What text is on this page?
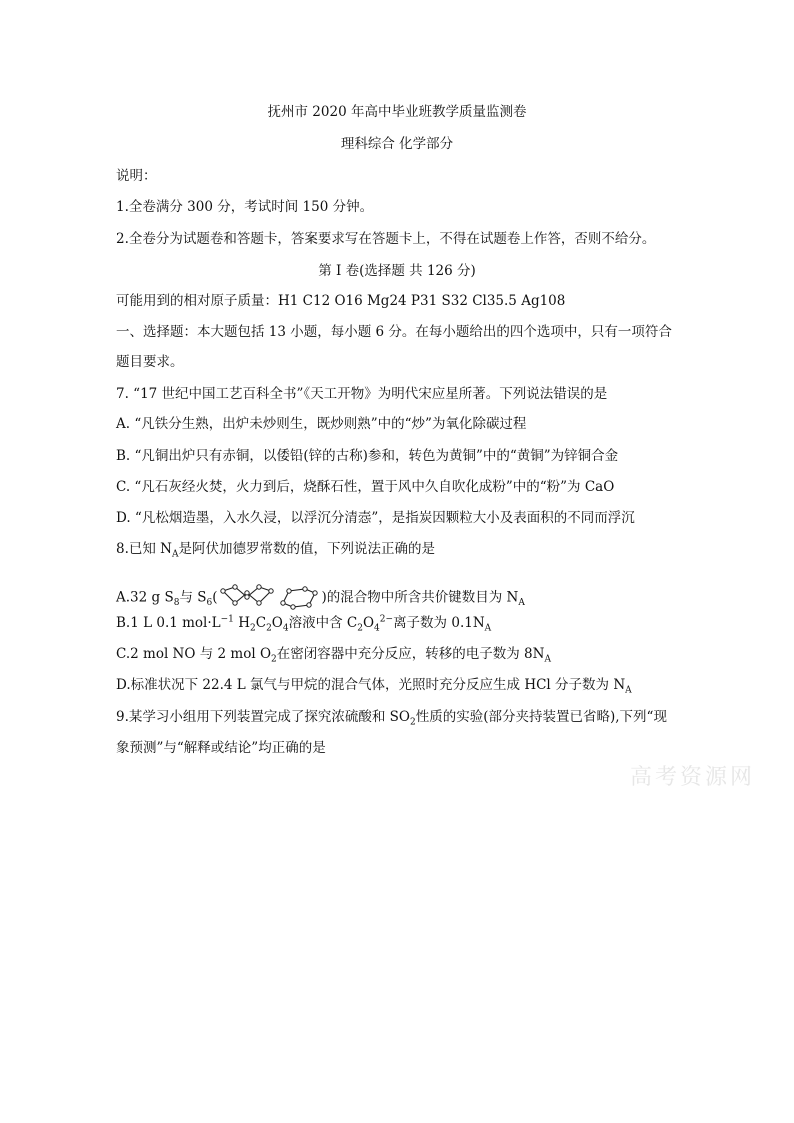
抚州市 2020 年高中毕业班教学质量监测卷
理科综合 化学部分
说明：
1.全卷满分 300 分，考试时间 150 分钟。
2.全卷分为试题卷和答题卡，答案要求写在答题卡上，不得在试题卷上作答，否则不给分。
第 I 卷(选择题 共 126 分)
可能用到的相对原子质量：H1 C12 O16 Mg24 P31 S32 Cl35.5 Ag108
一、选择题：本大题包括 13 小题，每小题 6 分。在每小题给出的四个选项中，只有一项符合
题目要求。
7. “17 世纪中国工艺百科全书”《天工开物》为明代宋应星所著。下列说法错误的是
A. “凡铁分生熟，出炉未炒则生，既炒则熟”中的“炒”为氧化除碳过程
B. “凡铜出炉只有赤铜，以倭铅(锌的古称)参和，转色为黄铜”中的“黄铜”为锌铜合金
C. “凡石灰经火焚，火力到后，烧酥石性，置于风中久自吹化成粉”中的“粉”为 CaO
D. “凡松烟造墨，入水久浸，以浮沉分清悫”，是指炭因颗粒大小及表面积的不同而浮沉
8.已知 $N_A$是阿伏加德罗常数的值，下列说法正确的是
A.32 g $S_8$与 $S_6$(	)的混合物中所含共价键数目为 $N_A$
B.1 L 0.1 $mol\cdot L^{-1}$ $H_2C_2O_4$溶液中含 $C_2O_4^{2-}$离子数为 $0.1N_A$
C.2 mol NO 与 2 mol $O_2$在密闭容器中充分反应，转移的电子数为 $8N_A$
D.标准状况下 22.4 L 氯气与甲烷的混合气体，光照时充分反应生成 HCl 分子数为 $N_A$
9.某学习小组用下列装置完成了探究浓硫酸和 $SO_2$性质的实验(部分夹持装置已省略),下列“现
象预测”与“解释或结论”均正确的是
高考资源网
